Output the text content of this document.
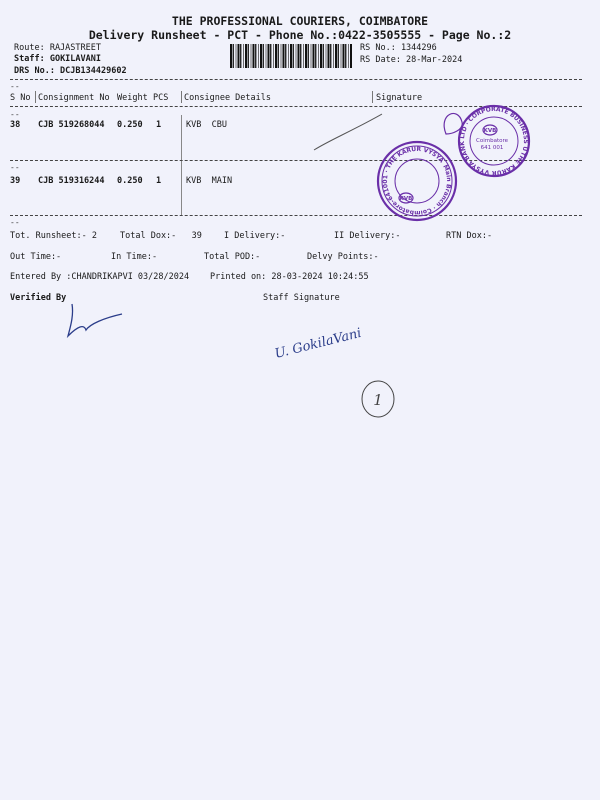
THE PROFESSIONAL COURIERS, COIMBATORE
Delivery Runsheet - PCT - Phone No.:0422-3505555 - Page No.:2
Route: RAJASTREET
Staff: GOKILAVANI
DRS No.: DCJB134429602
RS No.: 1344296
RS Date: 28-Mar-2024
--
S No Consignment No Weight PCS Consignee Details	Signature
--
38 CJB 519268044 0.250 1	KVB  CBU
--
39 CJB 519316244 0.250 1	KVB  MAIN
--
Tot. Runsheet:- 2	Total Dox:-   39	I Delivery:-	II Delivery:-	RTN Dox:-
Out Time:-	In Time:-	Total POD:-	Delvy Points:-
Entered By :CHANDRIKAPVI 03/28/2024 Printed on: 28-03-2024 10:24:55
Verified By	Staff Signature
Main Branch · Coimbatore-641001 · THE KARUR VYSYA
KVB
THE KARUR VYSYA BANK LTD · CORPORATE BUSINESS UNIT
KVB
Coimbatore
641 001
U. GokilaVani
1
